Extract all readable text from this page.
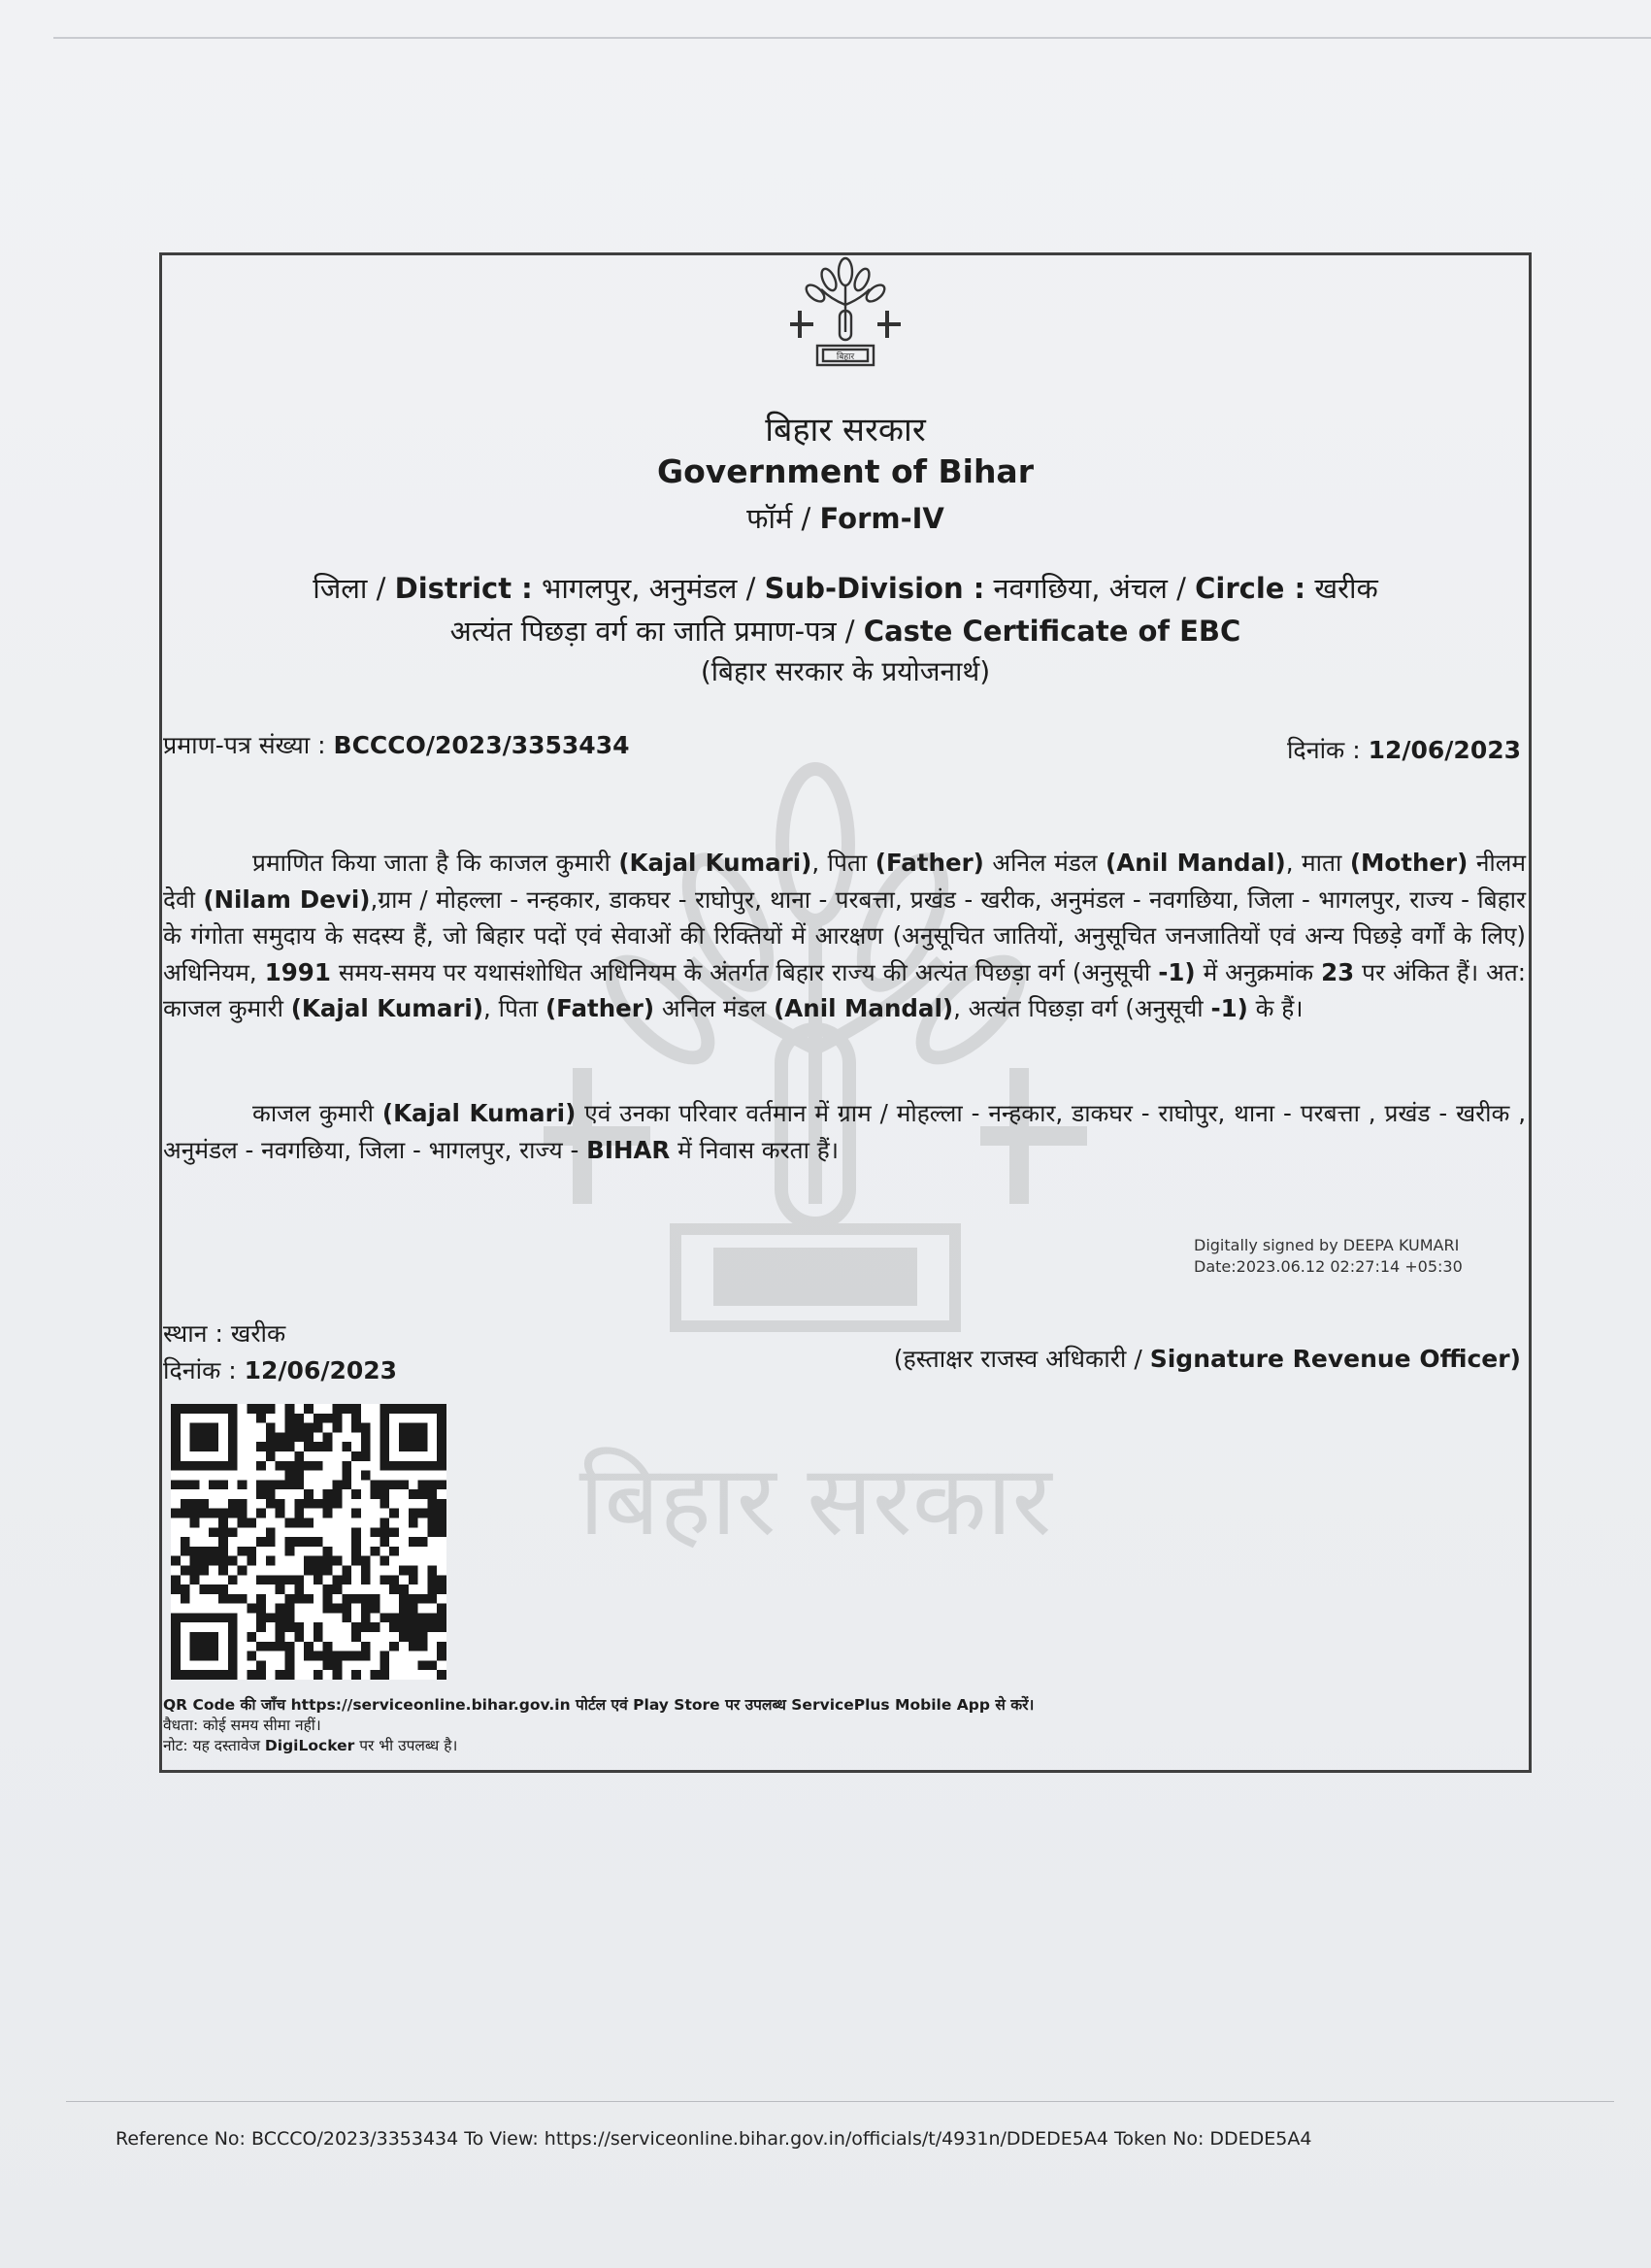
बिहार सरकार
बिहार
बिहार सरकार
Government of Bihar
फॉर्म / Form-IV
जिला / District : भागलपुर, अनुमंडल / Sub-Division : नवगछिया, अंचल / Circle : खरीक
अत्यंत पिछड़ा वर्ग का जाति प्रमाण-पत्र / Caste Certificate of EBC
(बिहार सरकार के प्रयोजनार्थ)
प्रमाण-पत्र संख्या : BCCCO/2023/3353434	दिनांक : 12/06/2023
प्रमाणित किया जाता है कि काजल कुमारी (Kajal Kumari), पिता (Father) अनिल मंडल (Anil Mandal), माता (Mother) नीलम देवी (Nilam Devi),ग्राम / मोहल्ला - नन्हकार, डाकघर - राघोपुर, थाना - परबत्ता, प्रखंड - खरीक, अनुमंडल - नवगछिया, जिला - भागलपुर, राज्य - बिहार के गंगोता समुदाय के सदस्य हैं, जो बिहार पदों एवं सेवाओं की रिक्तियों में आरक्षण (अनुसूचित जातियों, अनुसूचित जनजातियों एवं अन्य पिछड़े वर्गों के लिए) अधिनियम, 1991 समय-समय पर यथासंशोधित अधिनियम के अंतर्गत बिहार राज्य की अत्यंत पिछड़ा वर्ग (अनुसूची -1) में अनुक्रमांक 23 पर अंकित हैं। अत: काजल कुमारी (Kajal Kumari), पिता (Father) अनिल मंडल (Anil Mandal), अत्यंत पिछड़ा वर्ग (अनुसूची -1) के हैं।
काजल कुमारी (Kajal Kumari) एवं उनका परिवार वर्तमान में ग्राम / मोहल्ला - नन्हकार, डाकघर - राघोपुर, थाना - परबत्ता , प्रखंड - खरीक , अनुमंडल - नवगछिया, जिला - भागलपुर, राज्य - BIHAR में निवास करता हैं।
Digitally signed by DEEPA KUMARI
Date:2023.06.12 02:27:14 +05:30
स्थान : खरीक
दिनांक : 12/06/2023	(हस्ताक्षर राजस्व अधिकारी / Signature Revenue Officer)
QR Code की जाँच https://serviceonline.bihar.gov.in पोर्टल एवं Play Store पर उपलब्ध ServicePlus Mobile App से करें।
वैधता: कोई समय सीमा नहीं।
नोट: यह दस्तावेज DigiLocker पर भी उपलब्ध है।
Reference No: BCCCO/2023/3353434 To View: https://serviceonline.bihar.gov.in/officials/t/4931n/DDEDE5A4 Token No: DDEDE5A4
